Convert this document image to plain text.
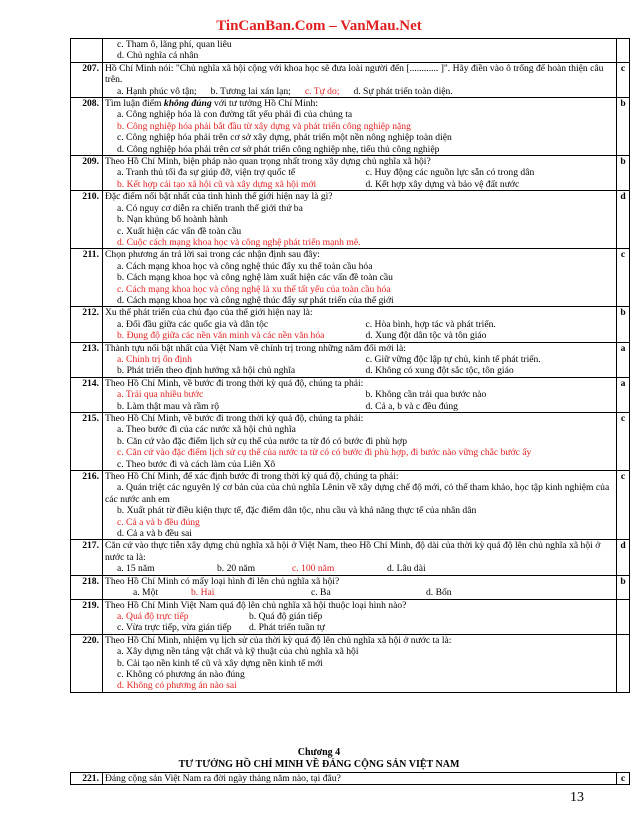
TinCanBan.Com – VanMau.Net

	c. Tham ô, lãng phí, quan liêu
d. Chủ nghĩa cá nhân	

207.	Hồ Chí Minh nói: "Chủ nghĩa xã hội cộng với khoa học sẽ đưa loài người đến [............ ]". Hãy điền vào ô trống để hoàn thiện câu trên.
a. Hạnh phúc vô tận; b. Tương lai xán lạn; c. Tự do; d. Sự phát triển toàn diện.	c
208.	Tìm luận điểm không đúng với tư tưởng Hồ Chí Minh:
a. Công nghiệp hóa là con đường tất yếu phải đi của chúng ta
b. Công nghiệp hóa phải bắt đầu từ xây dựng và phát triển công nghiệp nặng
c. Công nghiệp hóa phải trên cơ sở xây dựng, phát triển một nền nông nghiệp toàn diện
d. Công nghiệp hóa phải trên cơ sở phát triển công nghiệp nhẹ, tiểu thủ công nghiệp	b
209.	Theo Hồ Chí Minh, biện pháp nào quan trọng nhất trong xây dựng chủ nghĩa xã hội?
a. Tranh thủ tối đa sự giúp đỡ, viện trợ quốc tế c. Huy động các nguồn lực sẵn có trong dân
b. Kết hợp cải tạo xã hội cũ và xây dựng xã hội mới d. Kết hợp xây dựng và bảo vệ đất nước	b
210.	Đặc điểm nổi bật nhất của tình hình thế giới hiện nay là gì?
a. Có nguy cơ diễn ra chiến tranh thế giới thứ ba
b. Nạn khủng bố hoành hành
c. Xuất hiện các vấn đề toàn cầu
d. Cuộc cách mạng khoa học và công nghệ phát triển mạnh mẽ.	d
211.	Chọn phương án trả lời sai trong các nhận định sau đây:
a. Cách mạng khoa học và công nghệ thúc đẩy xu thế toàn cầu hóa
b. Cách mạng khoa học và công nghệ làm xuất hiện các vấn đề toàn cầu
c. Cách mạng khoa học và công nghệ là xu thế tất yếu của toàn cầu hóa
d. Cách mạng khoa học và công nghệ thúc đẩy sự phát triển của thế giới	c
212.	Xu thế phát triển của chủ đạo của thế giới hiện nay là:
a. Đối đầu giữa các quốc gia và dân tộc c. Hòa bình, hợp tác và phát triển.
b. Đụng độ giữa các nền văn minh và các nền văn hóa d. Xung đột dân tộc và tôn giáo	b
213.	Thành tựu nổi bật nhất của Việt Nam về chính trị trong những năm đổi mới là:
a. Chính trị ổn định c. Giữ vững độc lập tự chủ, kinh tế phát triển.
b. Phát triển theo định hướng xã hội chủ nghĩa d. Không có xung đột sắc tộc, tôn giáo	a
214.	Theo Hồ Chí Minh, về bước đi trong thời kỳ quá độ, chúng ta phải:
a. Trải qua nhiều bước b. Không cần trải qua bước nào
b. Làm thật mau và rầm rộ d. Cả a, b và c đều đúng	a
215.	Theo Hồ Chí Minh, về bước đi trong thời kỳ quá độ, chúng ta phải:
a. Theo bước đi của các nước xã hội chủ nghĩa
b. Căn cứ vào đặc điểm lịch sử cụ thể của nước ta từ đó có bước đi phù hợp
c. Căn cứ vào đặc điểm lịch sử cụ thể của nước ta từ có có bước đi phù hợp, đi bước nào vững chắc bước ấy
c. Theo bước đi và cách làm của Liên Xô	c
216.	Theo Hồ Chí Minh, để xác định bước đi trong thời kỳ quá độ, chúng ta phải:
a. Quán triệt các nguyên lý cơ bản của của chủ nghĩa Lênin về xây dựng chế độ mới, có thể tham khảo, học tập kinh nghiệm của các nước anh em
b. Xuất phát từ điều kiện thực tế, đặc điểm dân tộc, nhu cầu và khả năng thực tế của nhân dân
c. Cả a và b đều đúng
d. Cả a và b đều sai	c
217.	Căn cứ vào thực tiễn xây dựng chủ nghĩa xã hội ở Việt Nam, theo Hồ Chí Minh, độ dài của thời kỳ quá độ lên chủ nghĩa xã hội ở nước ta là:
a. 15 năm b. 20 năm c. 100 năm d. Lâu dài	d
218.	Theo Hồ Chí Minh có mấy loại hình đi lên chủ nghĩa xã hội?
a. Một b. Hai c. Ba d. Bốn	b
219.	Theo Hồ Chí Minh Việt Nam quá độ lên chủ nghĩa xã hội thuộc loại hình nào?
a. Quá độ trực tiếp b. Quá độ gián tiếp
c. Vừa trực tiếp, vừa gián tiếp d. Phát triển tuần tự	

220.	Theo Hồ Chí Minh, nhiệm vụ lịch sử của thời kỳ quá độ lên chủ nghĩa xã hội ở nước ta là:
a. Xây dựng nền tảng vật chất và kỹ thuật của chủ nghĩa xã hội
b. Cải tạo nền kinh tế cũ và xây dựng nền kinh tế mới
c. Không có phương án nào đúng
d. Không có phương án nào sai	

Chương 4
TƯ TƯỞNG HỒ CHÍ MINH VỀ ĐẢNG CỘNG SẢN VIỆT NAM
221.	Đảng cộng sản Việt Nam ra đời ngày tháng năm nào, tại đâu?	c
13
